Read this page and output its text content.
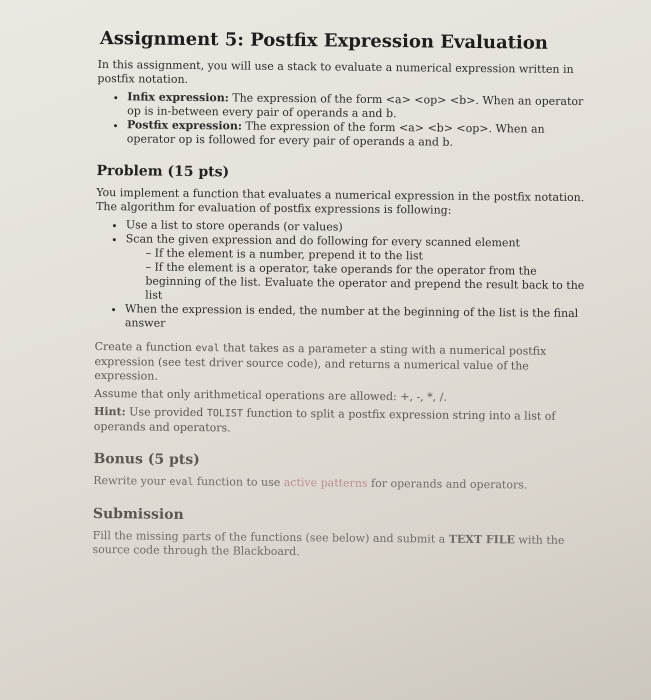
Assignment 5: Postfix Expression Evaluation

In this assignment, you will use a stack to evaluate a numerical expression written in postfix notation.

• Infix expression: The expression of the form <a> <op> <b>. When an operator op is in-between every pair of operands a and b.
• Postfix expression: The expression of the form <a> <b> <op>. When an operator op is followed for every pair of operands a and b.
Problem (15 pts)

You implement a function that evaluates a numerical expression in the postfix notation. The algorithm for evaluation of postfix expressions is following:

• Use a list to store operands (or values)
• Scan the given expression and do following for every scanned element
– If the element is a number, prepend it to the list
– If the element is a operator, take operands for the operator from the beginning of the list. Evaluate the operator and prepend the result back to the list
• When the expression is ended, the number at the beginning of the list is the final answer

Create a function eval that takes as a parameter a sting with a numerical postfix expression (see test driver source code), and returns a numerical value of the expression.

Assume that only arithmetical operations are allowed: +, -, *, /.

Hint: Use provided TOLIST function to split a postfix expression string into a list of operands and operators.

Bonus (5 pts)

Rewrite your eval function to use active patterns for operands and operators.

Submission

Fill the missing parts of the functions (see below) and submit a TEXT FILE with the source code through the Blackboard.
